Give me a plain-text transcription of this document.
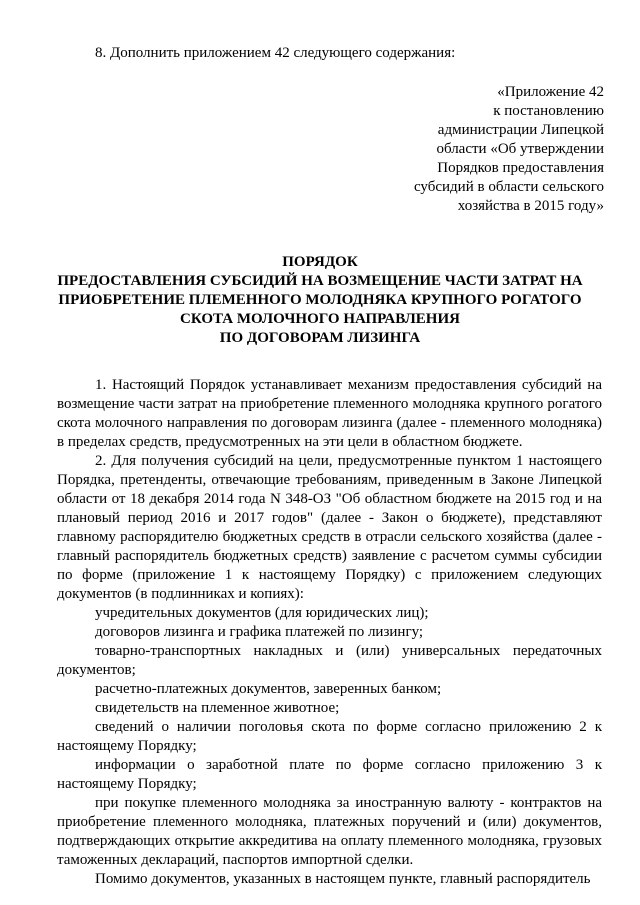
8. Дополнить приложением 42 следующего содержания:
«Приложение 42
к постановлению
администрации Липецкой
области «Об утверждении
Порядков предоставления
субсидий в области сельского
хозяйства в 2015 году»
ПОРЯДОК
ПРЕДОСТАВЛЕНИЯ СУБСИДИЙ НА ВОЗМЕЩЕНИЕ ЧАСТИ ЗАТРАТ НА
ПРИОБРЕТЕНИЕ ПЛЕМЕННОГО МОЛОДНЯКА КРУПНОГО РОГАТОГО
СКОТА МОЛОЧНОГО НАПРАВЛЕНИЯ
ПО ДОГОВОРАМ ЛИЗИНГА

1. Настоящий Порядок устанавливает механизм предоставления субсидий на возмещение части затрат на приобретение племенного молодняка крупного рогатого скота молочного направления по договорам лизинга (далее - племенного молодняка) в пределах средств, предусмотренных на эти цели в областном бюджете.

2. Для получения субсидий на цели, предусмотренные пунктом 1 настоящего Порядка, претенденты, отвечающие требованиям, приведенным в Законе Липецкой области от 18 декабря 2014 года N 348-ОЗ "Об областном бюджете на 2015 год и на плановый период 2016 и 2017 годов" (далее - Закон о бюджете), представляют главному распорядителю бюджетных средств в отрасли сельского хозяйства (далее - главный распорядитель бюджетных средств) заявление с расчетом суммы субсидии по форме (приложение 1 к настоящему Порядку) с приложением следующих документов (в подлинниках и копиях):

учредительных документов (для юридических лиц);

договоров лизинга и графика платежей по лизингу;

товарно-транспортных накладных и (или) универсальных передаточных документов;

расчетно-платежных документов, заверенных банком;

свидетельств на племенное животное;

сведений о наличии поголовья скота по форме согласно приложению 2 к настоящему Порядку;

информации о заработной плате по форме согласно приложению 3 к настоящему Порядку;

при покупке племенного молодняка за иностранную валюту - контрактов на приобретение племенного молодняка, платежных поручений и (или) документов, подтверждающих открытие аккредитива на оплату племенного молодняка, грузовых таможенных деклараций, паспортов импортной сделки.

Помимо документов, указанных в настоящем пункте, главный распорядитель
